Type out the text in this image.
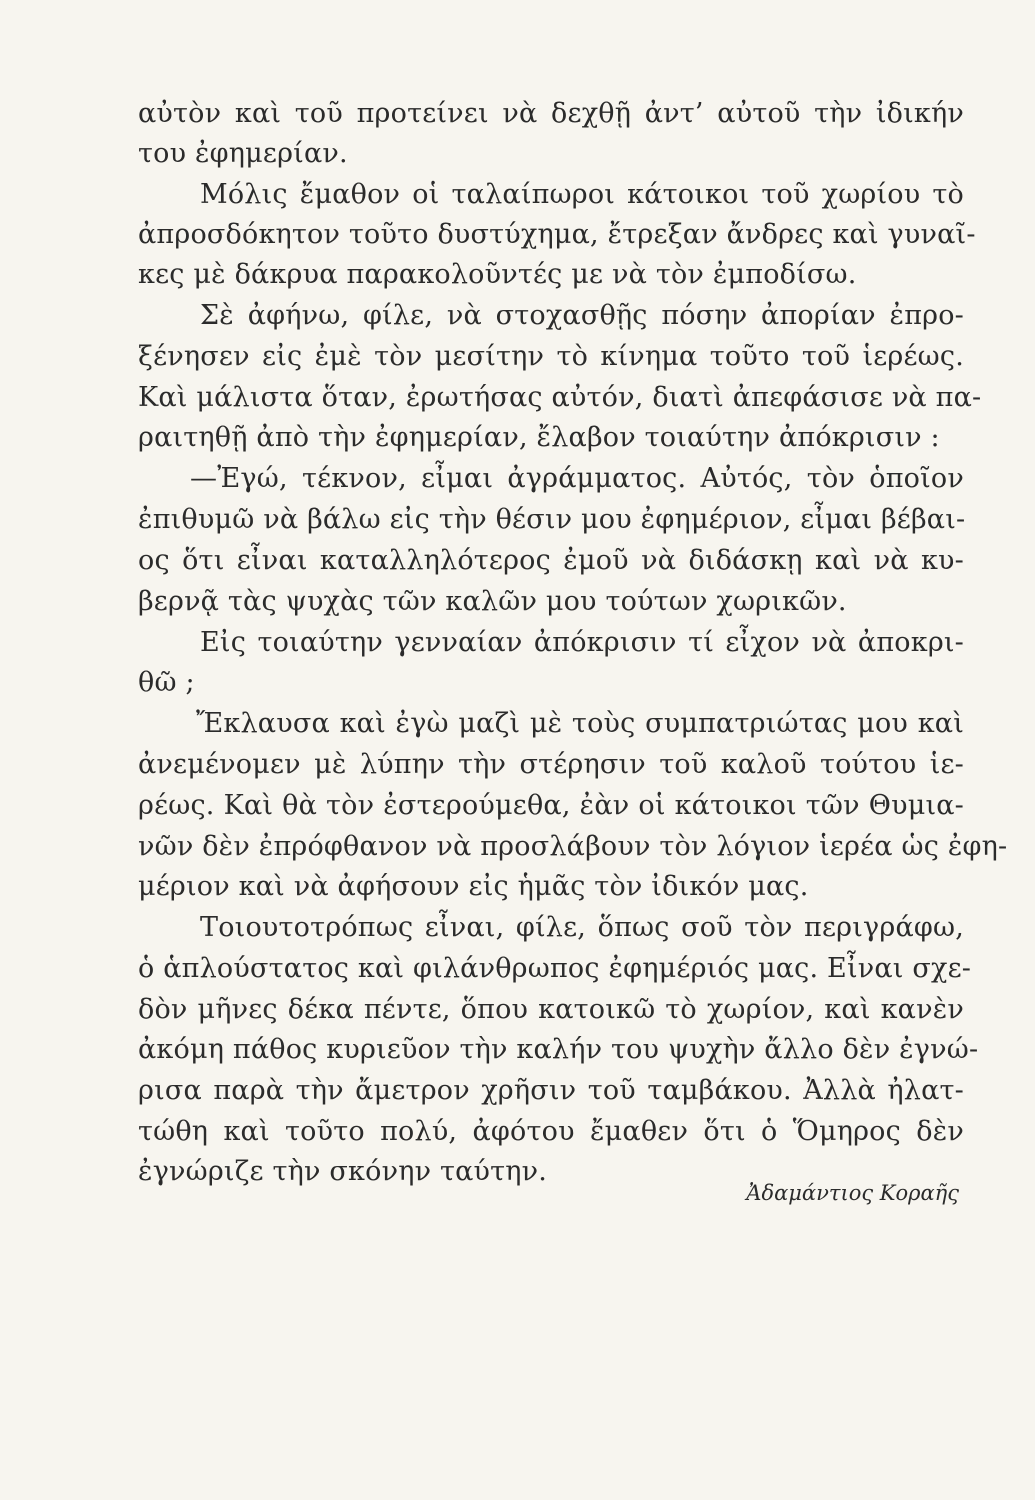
αὐτὸν καὶ τοῦ προτείνει νὰ δεχθῇ ἀντ’ αὐτοῦ τὴν ἰδικήν
του ἐφημερίαν.
Μόλις ἔμαθον οἱ ταλαίπωροι κάτοικοι τοῦ χωρίου τὸ
ἀπροσδόκητον τοῦτο δυστύχημα, ἔτρεξαν ἄνδρες καὶ γυναῖ-
κες μὲ δάκρυα παρακολοῦντές με νὰ τὸν ἐμποδίσω.
Σὲ ἀφήνω, φίλε, νὰ στοχασθῇς πόσην ἀπορίαν ἐπρο-
ξένησεν εἰς ἐμὲ τὸν μεσίτην τὸ κίνημα τοῦτο τοῦ ἱερέως.
Καὶ μάλιστα ὅταν, ἐρωτήσας αὐτόν, διατὶ ἀπεφάσισε νὰ πα-
ραιτηθῇ ἀπὸ τὴν ἐφημερίαν, ἔλαβον τοιαύτην ἀπόκρισιν :
—Ἐγώ, τέκνον, εἶμαι ἀγράμματος. Αὐτός, τὸν ὁποῖον
ἐπιθυμῶ νὰ βάλω εἰς τὴν θέσιν μου ἐφημέριον, εἶμαι βέβαι-
ος ὅτι εἶναι καταλληλότερος ἐμοῦ νὰ διδάσκῃ καὶ νὰ κυ-
βερνᾷ τὰς ψυχὰς τῶν καλῶν μου τούτων χωρικῶν.
Εἰς τοιαύτην γενναίαν ἀπόκρισιν τί εἶχον νὰ ἀποκρι-
θῶ ;
Ἔκλαυσα καὶ ἐγὼ μαζὶ μὲ τοὺς συμπατριώτας μου καὶ
ἀνεμένομεν μὲ λύπην τὴν στέρησιν τοῦ καλοῦ τούτου ἱε-
ρέως. Καὶ θὰ τὸν ἐστερούμεθα, ἐὰν οἱ κάτοικοι τῶν Θυμια-
νῶν δὲν ἐπρόφθανον νὰ προσλάβουν τὸν λόγιον ἱερέα ὡς ἐφη-
μέριον καὶ νὰ ἀφήσουν εἰς ἡμᾶς τὸν ἰδικόν μας.
Τοιουτοτρόπως εἶναι, φίλε, ὅπως σοῦ τὸν περιγράφω,
ὁ ἁπλούστατος καὶ φιλάνθρωπος ἐφημέριός μας. Εἶναι σχε-
δὸν μῆνες δέκα πέντε, ὅπου κατοικῶ τὸ χωρίον, καὶ κανὲν
ἀκόμη πάθος κυριεῦον τὴν καλήν του ψυχὴν ἄλλο δὲν ἐγνώ-
ρισα παρὰ τὴν ἄμετρον χρῆσιν τοῦ ταμβάκου. Ἀλλὰ ἠλατ-
τώθη καὶ τοῦτο πολύ, ἀφότου ἔμαθεν ὅτι ὁ Ὅμηρος δὲν
ἐγνώριζε τὴν σκόνην ταύτην.
Ἀδαμάντιος Κοραῆς
